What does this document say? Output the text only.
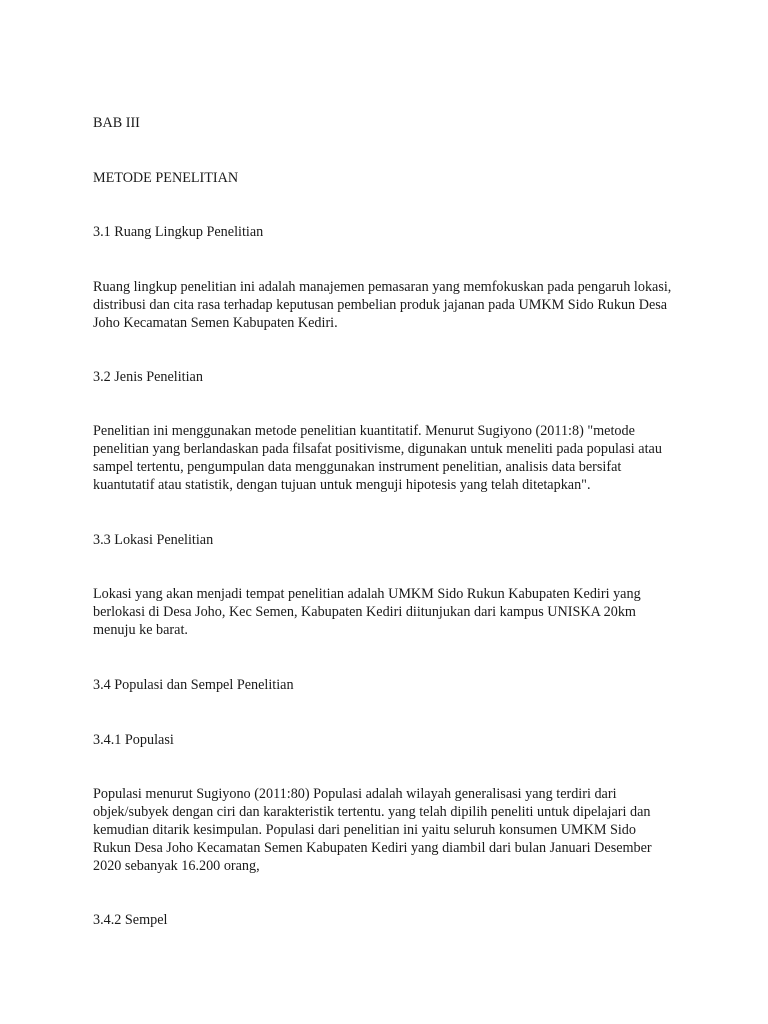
BAB III

METODE PENELITIAN

3.1 Ruang Lingkup Penelitian

Ruang lingkup penelitian ini adalah manajemen pemasaran yang memfokuskan pada pengaruh lokasi,
distribusi dan cita rasa terhadap keputusan pembelian produk jajanan pada UMKM Sido Rukun Desa
Joho Kecamatan Semen Kabupaten Kediri.

3.2 Jenis Penelitian

Penelitian ini menggunakan metode penelitian kuantitatif. Menurut Sugiyono (2011:8) "metode
penelitian yang berlandaskan pada filsafat positivisme, digunakan untuk meneliti pada populasi atau
sampel tertentu, pengumpulan data menggunakan instrument penelitian, analisis data bersifat
kuantutatif atau statistik, dengan tujuan untuk menguji hipotesis yang telah ditetapkan".

3.3 Lokasi Penelitian

Lokasi yang akan menjadi tempat penelitian adalah UMKM Sido Rukun Kabupaten Kediri yang
berlokasi di Desa Joho, Kec Semen, Kabupaten Kediri diitunjukan dari kampus UNISKA 20km
menuju ke barat.

3.4 Populasi dan Sempel Penelitian

3.4.1 Populasi

Populasi menurut Sugiyono (2011:80) Populasi adalah wilayah generalisasi yang terdiri dari
objek/subyek dengan ciri dan karakteristik tertentu. yang telah dipilih peneliti untuk dipelajari dan
kemudian ditarik kesimpulan. Populasi dari penelitian ini yaitu seluruh konsumen UMKM Sido
Rukun Desa Joho Kecamatan Semen Kabupaten Kediri yang diambil dari bulan Januari Desember
2020 sebanyak 16.200 orang,

3.4.2 Sempel
